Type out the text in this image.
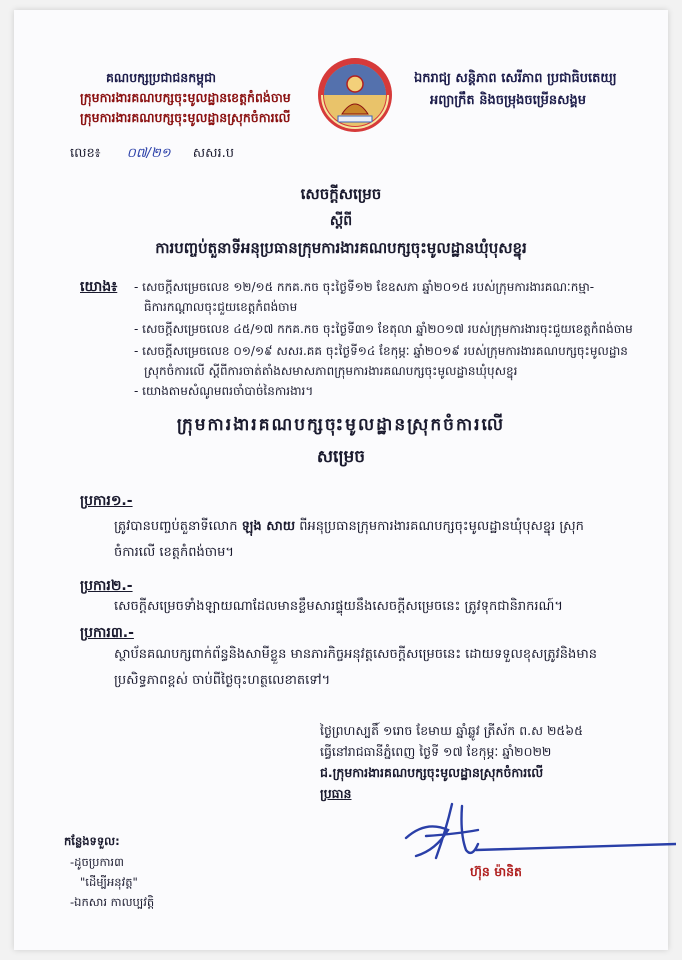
គណបក្សប្រជាជនកម្ពុជា
ក្រុមការងារគណបក្សចុះមូលដ្ឋានខេត្តកំពង់ចាម
ក្រុមការងារគណបក្សចុះមូលដ្ឋានស្រុកចំការលើ
ឯករាជ្យ សន្តិភាព សេរីភាព ប្រជាធិបតេយ្យ
អព្យាក្រឹត និងចម្រុងចម្រើនសង្គម
លេខ៖ ០៧/២១ សសរ.ប
សេចក្តីសម្រេច
ស្តីពី
ការបញ្ចប់តួនាទីអនុប្រធានក្រុមការងារគណបក្សចុះមូលដ្ឋានឃុំបុសខ្នុរ
យោង៖ - សេចក្តីសម្រេចលេខ ១២/១៥ កកគ.កច ចុះថ្ងៃទី១២ ខែឧសភា ឆ្នាំ២០១៥ របស់ក្រុមការងារគណៈកម្មា-
ធិការកណ្តាលចុះជួយខេត្តកំពង់ចាម
- សេចក្តីសម្រេចលេខ ៤៥/១៧ កកគ.កច ចុះថ្ងៃទី៣១ ខែតុលា ឆ្នាំ២០១៧ របស់ក្រុមការងារចុះជួយខេត្តកំពង់ចាម
- សេចក្តីសម្រេចលេខ ០១/១៩ សសរ.គគ ចុះថ្ងៃទី១៤ ខែកុម្ភៈ ឆ្នាំ២០១៩ របស់ក្រុមការងារគណបក្សចុះមូលដ្ឋាន
ស្រុកចំការលើ ស្តីពីការចាត់តាំងសមាសភាពក្រុមការងារគណបក្សចុះមូលដ្ឋានឃុំបុសខ្នុរ
- យោងតាមសំណូមពរចាំបាច់នៃការងារ។
ក្រុមការងារគណបក្សចុះមូលដ្ឋានស្រុកចំការលើ
សម្រេច
ប្រការ១.-
ត្រូវបានបញ្ចប់តួនាទីលោក ឡុង សាយ ពីអនុប្រធានក្រុមការងារគណបក្សចុះមូលដ្ឋានឃុំបុសខ្នុរ ស្រុកចំការលើ ខេត្តកំពង់ចាម។
ប្រការ២.-
សេចក្តីសម្រេចទាំងឡាយណាដែលមានខ្លឹមសារផ្ទុយនឹងសេចក្តីសម្រេចនេះ ត្រូវទុកជានិរាករណ៍។
ប្រការ៣.-
ស្ថាប័នគណបក្សពាក់ព័ន្ធនិងសាមីខ្លួន មានភារកិច្ចអនុវត្តសេចក្តីសម្រេចនេះ ដោយទទួលខុសត្រូវនិងមានប្រសិទ្ធភាពខ្ពស់ ចាប់ពីថ្ងៃចុះហត្ថលេខាតទៅ។
ថ្ងៃព្រហស្បតិ៍ ១រោច ខែមាឃ ឆ្នាំឆ្លូវ ត្រីស័ក ព.ស ២៥៦៥
ធ្វើនៅរាជធានីភ្នំពេញ ថ្ងៃទី ១៧ ខែកុម្ភៈ ឆ្នាំ២០២២
ជ.ក្រុមការងារគណបក្សចុះមូលដ្ឋានស្រុកចំការលើ
ប្រធាន
ហ៊ុន ម៉ានិត
កន្លែងទទួល:
-ដូចប្រការ៣
"ដើម្បីអនុវត្ត"
-ឯកសារ កាលប្បវត្តិ
